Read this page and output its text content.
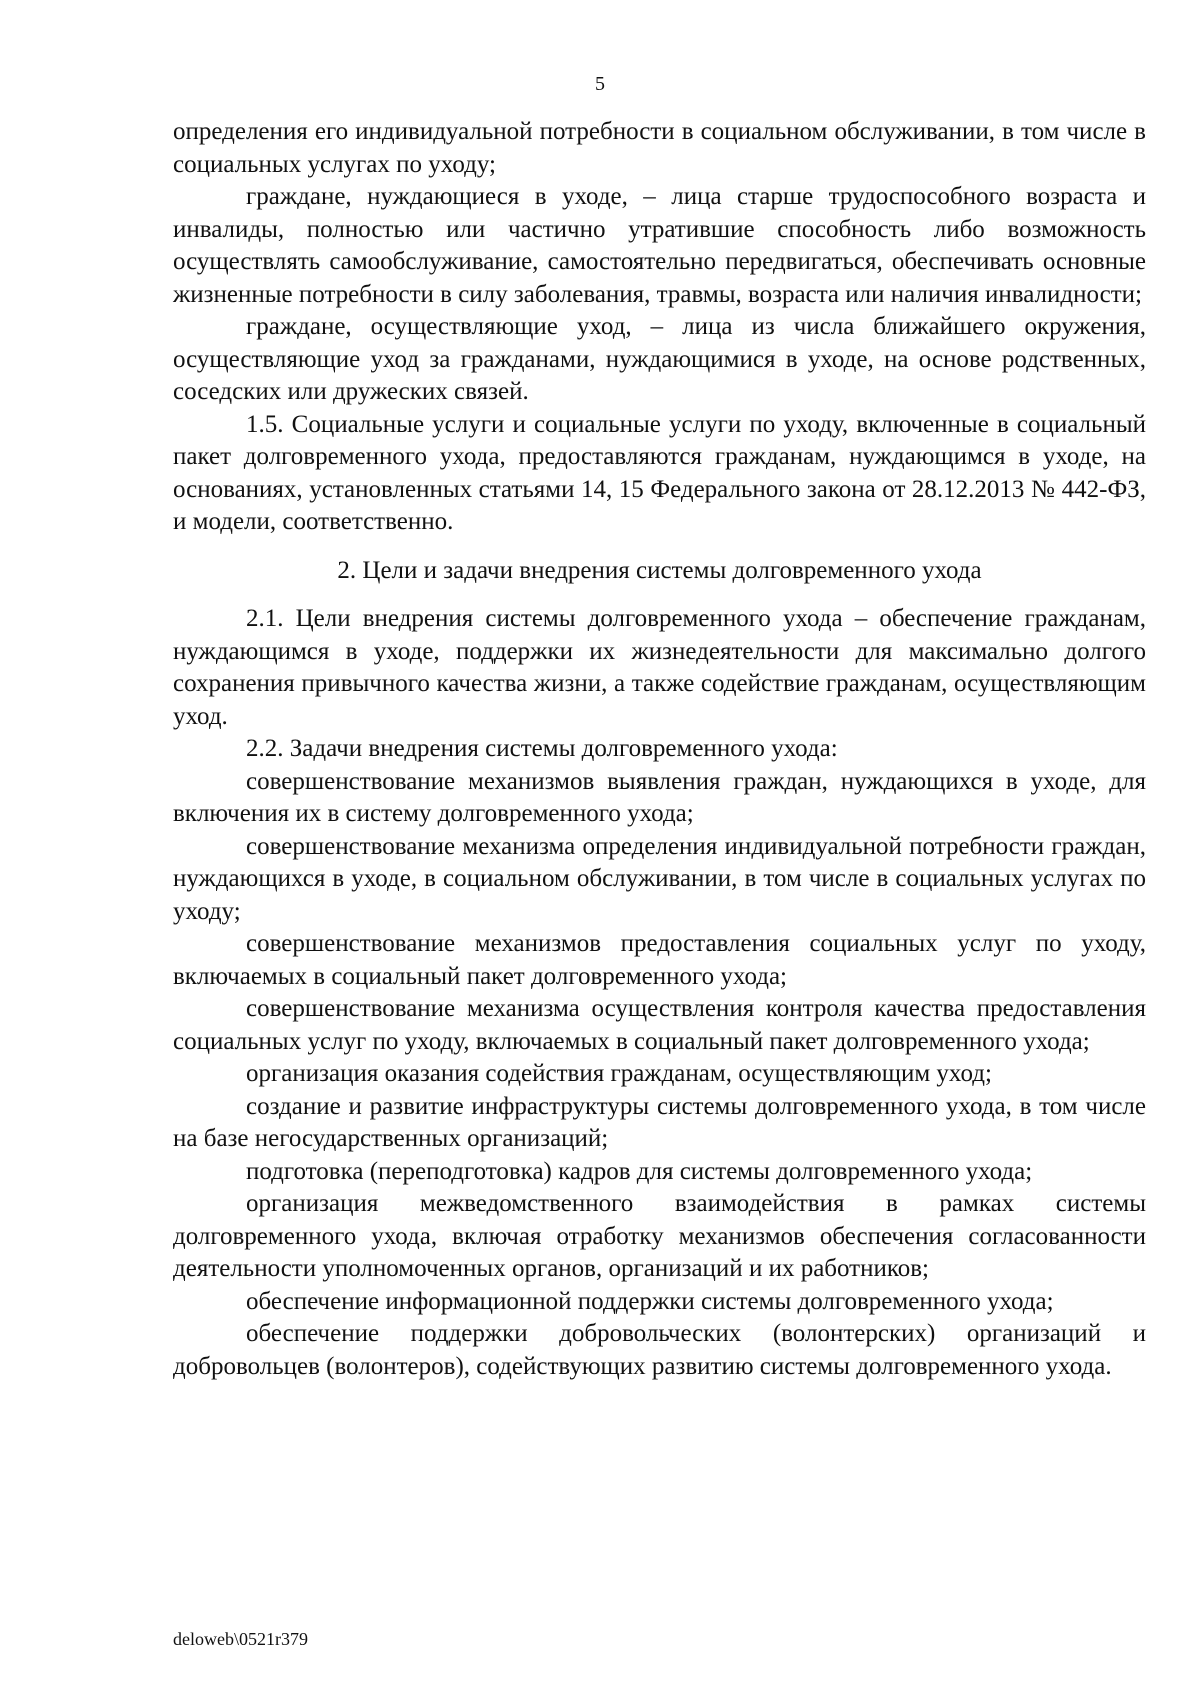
5

определения его индивидуальной потребности в социальном обслуживании, в том числе в социальных услугах по уходу;

граждане, нуждающиеся в уходе, – лица старше трудоспособного возраста и инвалиды, полностью или частично утратившие способность либо возможность осуществлять самообслуживание, самостоятельно передвигаться, обеспечивать основные жизненные потребности в силу заболевания, травмы, возраста или наличия инвалидности;

граждане, осуществляющие уход, – лица из числа ближайшего окружения, осуществляющие уход за гражданами, нуждающимися в уходе, на основе родственных, соседских или дружеских связей.

1.5. Социальные услуги и социальные услуги по уходу, включенные в социальный пакет долговременного ухода, предоставляются гражданам, нуждающимся в уходе, на основаниях, установленных статьями 14, 15 Федерального закона от 28.12.2013 № 442-ФЗ, и модели, соответственно.

2. Цели и задачи внедрения системы долговременного ухода

2.1. Цели внедрения системы долговременного ухода – обеспечение гражданам, нуждающимся в уходе, поддержки их жизнедеятельности для максимально долгого сохранения привычного качества жизни, а также содействие гражданам, осуществляющим уход.

2.2. Задачи внедрения системы долговременного ухода:

совершенствование механизмов выявления граждан, нуждающихся в уходе, для включения их в систему долговременного ухода;

совершенствование механизма определения индивидуальной потребности граждан, нуждающихся в уходе, в социальном обслуживании, в том числе в социальных услугах по уходу;

совершенствование механизмов предоставления социальных услуг по уходу, включаемых в социальный пакет долговременного ухода;

совершенствование механизма осуществления контроля качества предоставления социальных услуг по уходу, включаемых в социальный пакет долговременного ухода;

организация оказания содействия гражданам, осуществляющим уход;

создание и развитие инфраструктуры системы долговременного ухода, в том числе на базе негосударственных организаций;

подготовка (переподготовка) кадров для системы долговременного ухода;

организация межведомственного взаимодействия в рамках системы долговременного ухода, включая отработку механизмов обеспечения согласованности деятельности уполномоченных органов, организаций и их работников;

обеспечение информационной поддержки системы долговременного ухода;

обеспечение поддержки добровольческих (волонтерских) организаций и добровольцев (волонтеров), содействующих развитию системы долговременного ухода.

deloweb\0521r379
